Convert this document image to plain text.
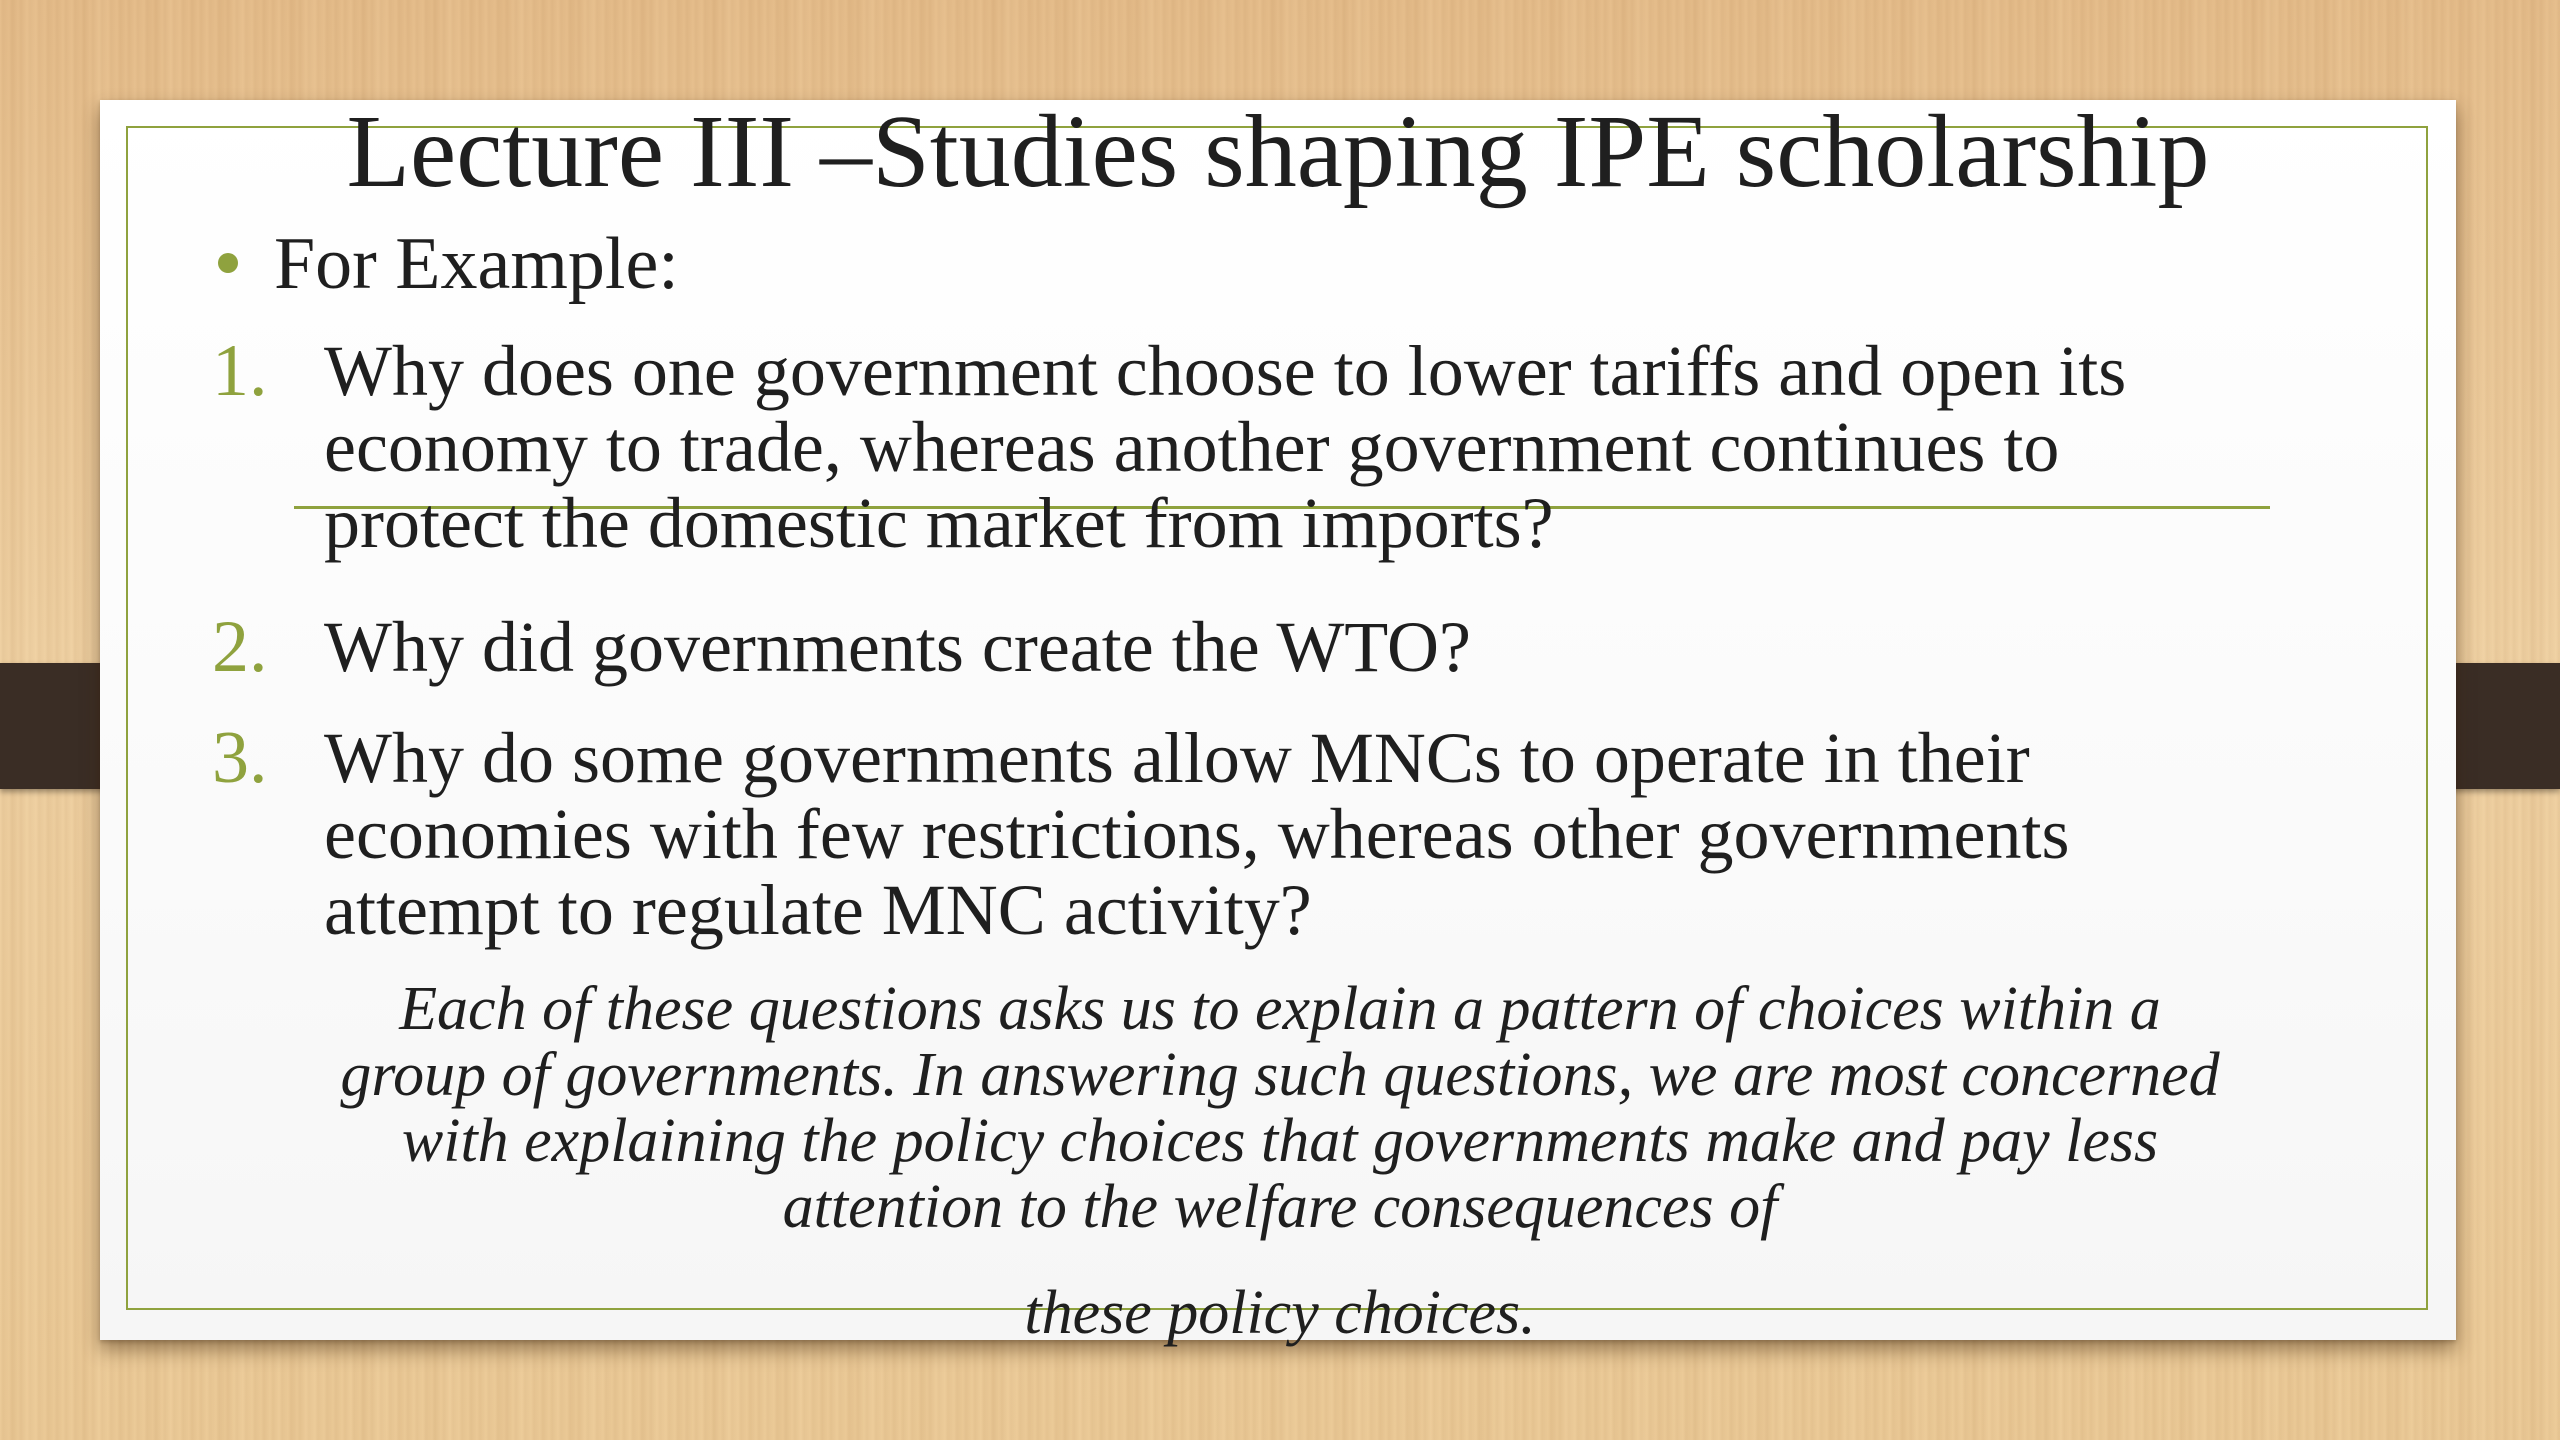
Lecture III –Studies shaping IPE scholarship
For Example:
1. Why does one government choose to lower tariffs and open its
economy to trade, whereas another government continues to
protect the domestic market from imports?
2. Why did governments create the WTO?
3. Why do some governments allow MNCs to operate in their
economies with few restrictions, whereas other governments
attempt to regulate MNC activity?
Each of these questions asks us to explain a pattern of choices within a
group of governments. In answering such questions, we are most concerned
with explaining the policy choices that governments make and pay less
attention to the welfare consequences of
these policy choices.
